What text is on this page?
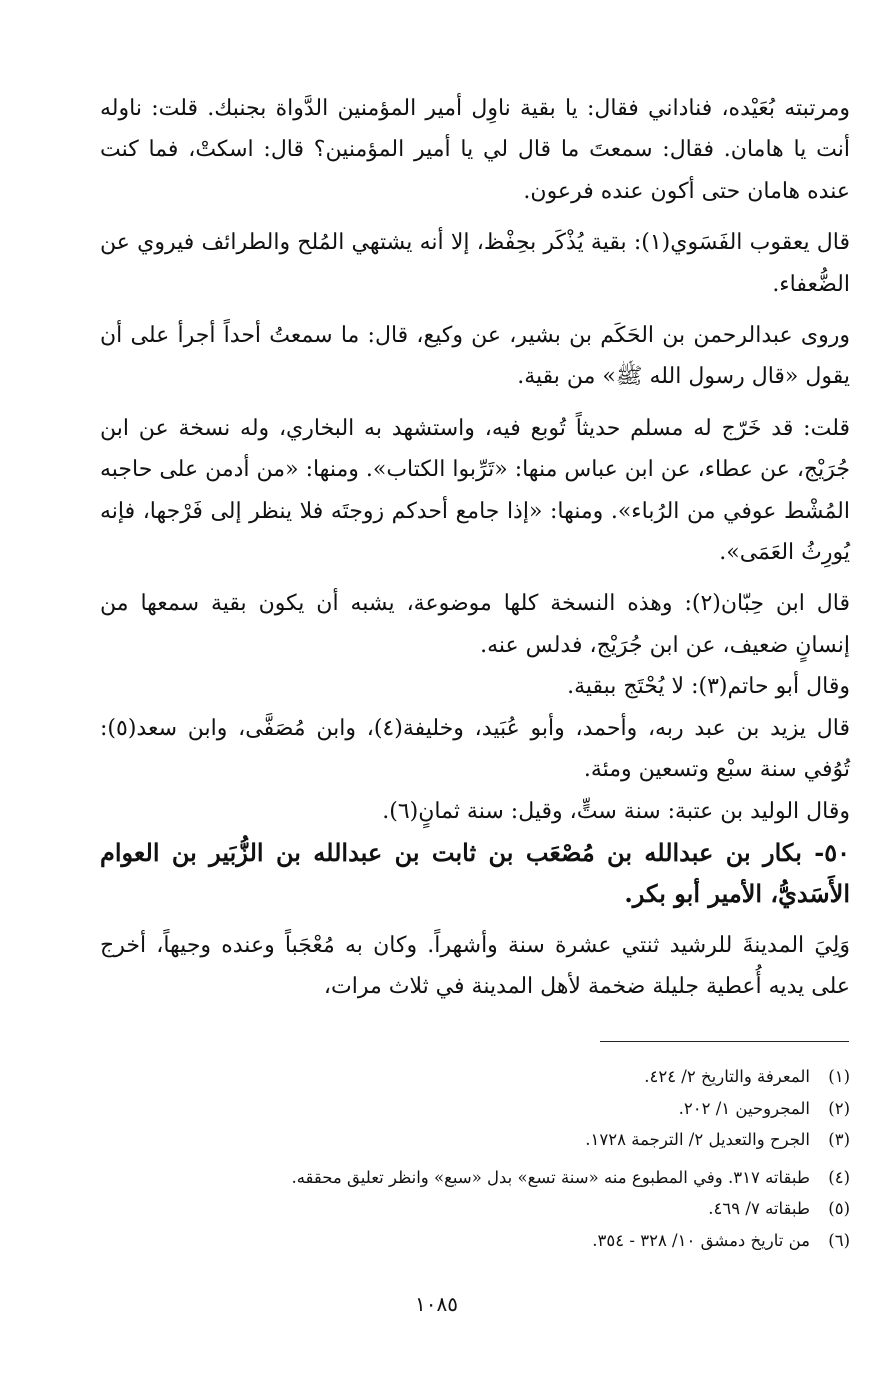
ومرتبته بُعَيْده، فناداني فقال: يا بقية ناوِل أمير المؤمنين الدَّواة بجنبك. قلت: ناوله أنت يا هامان. فقال: سمعتَ ما قال لي يا أمير المؤمنين؟ قال: اسكتْ، فما كنت عنده هامان حتى أكون عنده فرعون.

قال يعقوب الفَسَوي(١): بقية يُذْكَر بحِفْظ، إلا أنه يشتهي المُلح والطرائف فيروي عن الضُّعفاء.

وروى عبدالرحمن بن الحَكَم بن بشير، عن وكيع، قال: ما سمعتُ أحداً أجرأ على أن يقول «قال رسول الله ﷺ» من بقية.

قلت: قد خَرّج له مسلم حديثاً تُوبع فيه، واستشهد به البخاري، وله نسخة عن ابن جُرَيْج، عن عطاء، عن ابن عباس منها: «تَرِّبوا الكتاب». ومنها: «من أدمن على حاجبه المُشْط عوفي من الرُباء». ومنها: «إذا جامع أحدكم زوجتَه فلا ينظر إلى فَرْجها، فإنه يُورِثُ العَمَى».

قال ابن حِبّان(٢): وهذه النسخة كلها موضوعة، يشبه أن يكون بقية سمعها من إنسانٍ ضعيف، عن ابن جُرَيْج، فدلس عنه.

وقال أبو حاتم(٣): لا يُحْتَج ببقية.

قال يزيد بن عبد ربه، وأحمد، وأبو عُبَيد، وخليفة(٤)، وابن مُصَفَّى، وابن سعد(٥): تُوُفي سنة سبْع وتسعين ومئة.

وقال الوليد بن عتبة: سنة ستٍّ، وقيل: سنة ثمانٍ(٦).

٥٠- بكار بن عبدالله بن مُصْعَب بن ثابت بن عبدالله بن الزُّبَير بن العوام الأَسَديُّ، الأمير أبو بكر.

وَلِيَ المدينةَ للرشيد ثنتي عشرة سنة وأشهراً. وكان به مُعْجَباً وعنده وجيهاً، أخرج على يديه أُعطية جليلة ضخمة لأهل المدينة في ثلاث مرات،

(١)
المعرفة والتاريخ ٢/ ٤٢٤.
(٢)
المجروحين ١/ ٢٠٢.
(٣)
الجرح والتعديل ٢/ الترجمة ١٧٢٨.
(٤)
طبقاته ٣١٧. وفي المطبوع منه «سنة تسع» بدل «سبع» وانظر تعليق محققه.
(٥)
طبقاته ٧/ ٤٦٩.
(٦)
من تاريخ دمشق ١٠/ ٣٢٨ - ٣٥٤.
١٠٨٥
